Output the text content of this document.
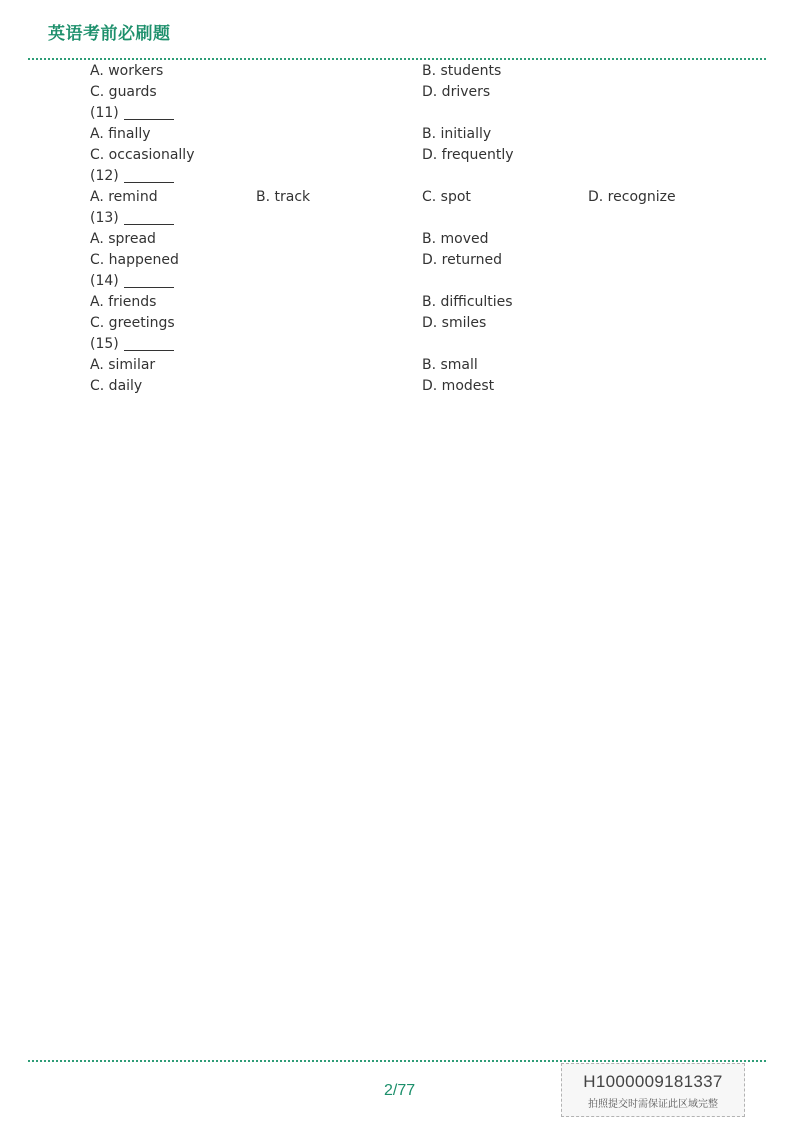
英语考前必刷题
A. workers	B. students
C. guards	D. drivers
(11)
A. finally	B. initially
C. occasionally	D. frequently
(12)
A. remind	B. track	C. spot	D. recognize
(13)
A. spread	B. moved
C. happened	D. returned
(14)
A. friends	B. difficulties
C. greetings	D. smiles
(15)
A. similar	B. small
C. daily	D. modest
2/77	H1000009181337
拍照提交时需保证此区域完整
